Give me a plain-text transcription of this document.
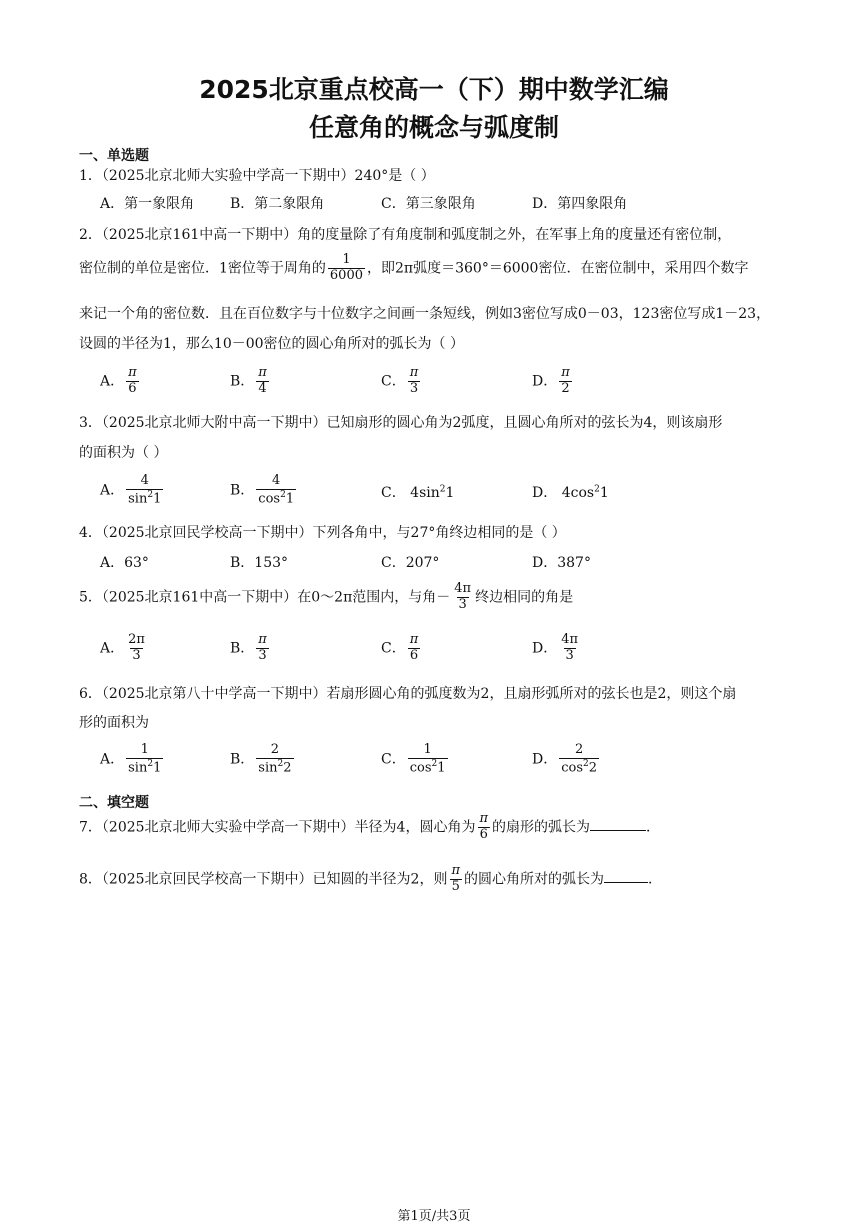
2025北京重点校高一（下）期中数学汇编
任意角的概念与弧度制
一、单选题
1．（2025北京北师大实验中学高一下期中）240°是（ ）
A．第一象限角	B．第二象限角	C．第三象限角	D．第四象限角
2．（2025北京161中高一下期中）角的度量除了有角度制和弧度制之外，在军事上角的度量还有密位制，
密位制的单位是密位．1密位等于周角的 $\frac{1}{6000}$ ，即2π弧度＝360°＝6000密位．在密位制中，采用四个数字
来记一个角的密位数．且在百位数字与十位数字之间画一条短线，例如3密位写成0－03，123密位写成1－23，
设圆的半径为1，那么10－00密位的圆心角所对的弧长为（ ）
A． $\frac{\pi}{6}$	B． $\frac{\pi}{4}$	C． $\frac{\pi}{3}$	D． $\frac{\pi}{2}$
3．（2025北京北师大附中高一下期中）已知扇形的圆心角为2弧度，且圆心角所对的弦长为4，则该扇形
的面积为（ ）
A． $\frac{4}{\sin^21}$	B． $\frac{4}{\cos^21}$	C． $4\sin^21$	D． $4\cos^21$
4．（2025北京回民学校高一下期中）下列各角中，与27°角终边相同的是（ ）
A．63°	B．153°	C．207°	D．387°
5．（2025北京161中高一下期中）在0～2π范围内，与角－ $\frac{4\pi}{3}$ 终边相同的角是
A． $\frac{2\pi}{3}$	B． $\frac{\pi}{3}$	C． $\frac{\pi}{6}$	D． $\frac{4\pi}{3}$
6．（2025北京第八十中学高一下期中）若扇形圆心角的弧度数为2，且扇形弧所对的弦长也是2，则这个扇
形的面积为
A． $\frac{1}{\sin^21}$	B． $\frac{2}{\sin^22}$	C． $\frac{1}{\cos^21}$	D． $\frac{2}{\cos^22}$
二、填空题
7．（2025北京北师大实验中学高一下期中）半径为4，圆心角为 $\frac{\pi}{6}$ 的扇形的弧长为	．
8．（2025北京回民学校高一下期中）已知圆的半径为2，则 $\frac{\pi}{5}$ 的圆心角所对的弧长为	．
第1页/共3页
